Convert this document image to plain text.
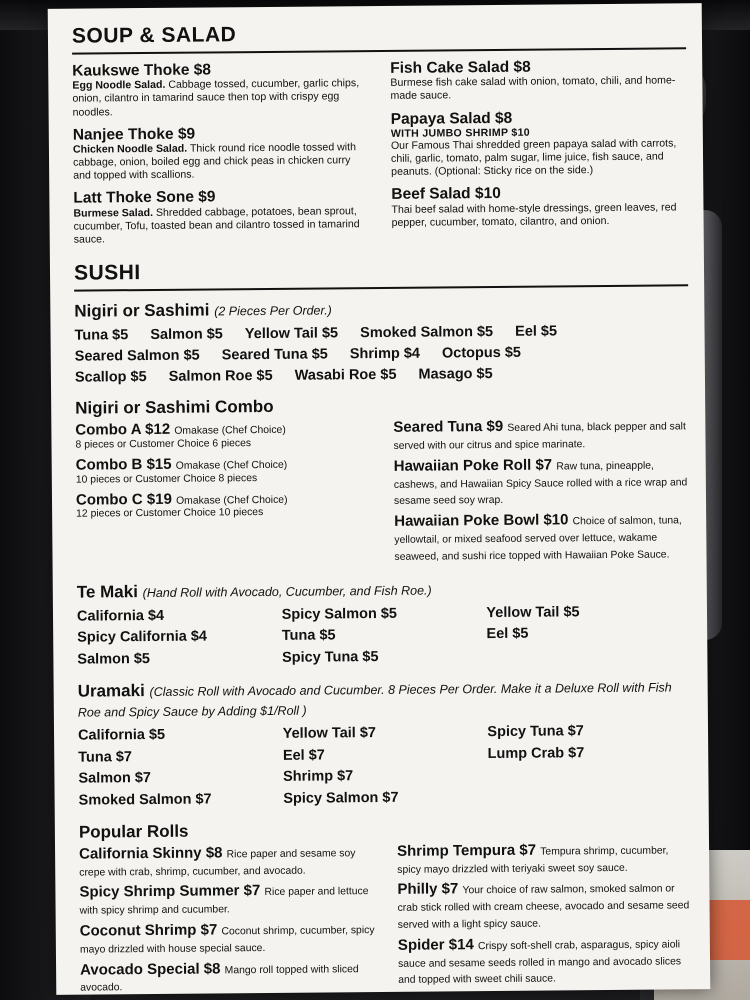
SOUP & SALAD
Kaukswe Thoke $8
Egg Noodle Salad. Cabbage tossed, cucumber, garlic chips, onion, cilantro in tamarind sauce then top with crispy egg noodles.
Nanjee Thoke $9
Chicken Noodle Salad. Thick round rice noodle tossed with cabbage, onion, boiled egg and chick peas in chicken curry and topped with scallions.
Latt Thoke Sone $9
Burmese Salad. Shredded cabbage, potatoes, bean sprout, cucumber, Tofu, toasted bean and cilantro tossed in tamarind sauce.
Fish Cake Salad $8
Burmese fish cake salad with onion, tomato, chili, and home-made sauce.
Papaya Salad $8
WITH JUMBO SHRIMP $10
Our Famous Thai shredded green papaya salad with carrots, chili, garlic, tomato, palm sugar, lime juice, fish sauce, and peanuts. (Optional: Sticky rice on the side.)
Beef Salad $10
Thai beef salad with home-style dressings, green leaves, red pepper, cucumber, tomato, cilantro, and onion.
SUSHI
Nigiri or Sashimi (2 Pieces Per Order.)
Tuna $5 Salmon $5 Yellow Tail $5 Smoked Salmon $5 Eel $5
Seared Salmon $5 Seared Tuna $5 Shrimp $4 Octopus $5
Scallop $5 Salmon Roe $5 Wasabi Roe $5 Masago $5
Nigiri or Sashimi Combo
Combo A $12 Omakase (Chef Choice)
8 pieces or Customer Choice 6 pieces
Combo B $15 Omakase (Chef Choice)
10 pieces or Customer Choice 8 pieces
Combo C $19 Omakase (Chef Choice)
12 pieces or Customer Choice 10 pieces
Seared Tuna $9 Seared Ahi tuna, black pepper and salt served with our citrus and spice marinate.
Hawaiian Poke Roll $7 Raw tuna, pineapple, cashews, and Hawaiian Spicy Sauce rolled with a rice wrap and sesame seed soy wrap.
Hawaiian Poke Bowl $10 Choice of salmon, tuna, yellowtail, or mixed seafood served over lettuce, wakame seaweed, and sushi rice topped with Hawaiian Poke Sauce.
Te Maki (Hand Roll with Avocado, Cucumber, and Fish Roe.)
California $4
Spicy California $4
Salmon $5
Spicy Salmon $5
Tuna $5
Spicy Tuna $5
Yellow Tail $5
Eel $5
Uramaki (Classic Roll with Avocado and Cucumber. 8 Pieces Per Order. Make it a Deluxe Roll with Fish Roe and Spicy Sauce by Adding $1/Roll )
California $5
Tuna $7
Salmon $7
Smoked Salmon $7
Yellow Tail $7
Eel $7
Shrimp $7
Spicy Salmon $7
Spicy Tuna $7
Lump Crab $7
Popular Rolls
California Skinny $8 Rice paper and sesame soy crepe with crab, shrimp, cucumber, and avocado.
Spicy Shrimp Summer $7 Rice paper and lettuce with spicy shrimp and cucumber.
Coconut Shrimp $7 Coconut shrimp, cucumber, spicy mayo drizzled with house special sauce.
Avocado Special $8 Mango roll topped with sliced avocado.
Shrimp Tempura $7 Tempura shrimp, cucumber, spicy mayo drizzled with teriyaki sweet soy sauce.
Philly $7 Your choice of raw salmon, smoked salmon or crab stick rolled with cream cheese, avocado and sesame seed served with a light spicy sauce.
Spider $14 Crispy soft-shell crab, asparagus, spicy aioli sauce and sesame seeds rolled in mango and avocado slices and topped with sweet chili sauce.
